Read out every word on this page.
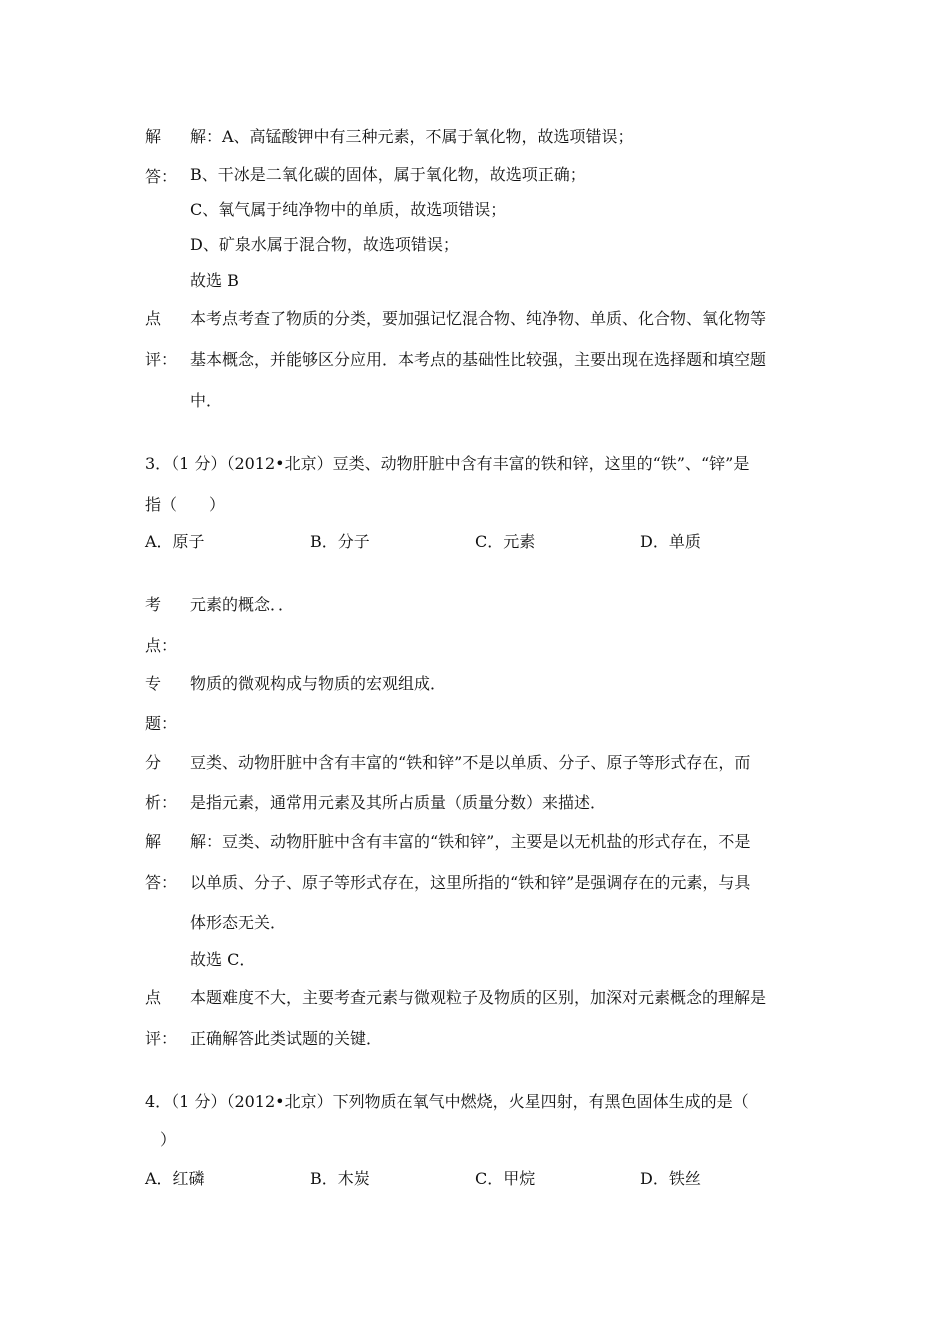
解
答：
解：A、高锰酸钾中有三种元素，不属于氧化物，故选项错误；
B、干冰是二氧化碳的固体，属于氧化物，故选项正确；
C、氧气属于纯净物中的单质，故选项错误；
D、矿泉水属于混合物，故选项错误；
故选 B
点
评：
本考点考查了物质的分类，要加强记忆混合物、纯净物、单质、化合物、氧化物等
基本概念，并能够区分应用．本考点的基础性比较强，主要出现在选择题和填空题
中．
3．（1 分）（2012•北京）豆类、动物肝脏中含有丰富的铁和锌，这里的“铁”、“锌”是
指（　　）
A．原子	B．分子	C．元素	D．单质
考
点：
元素的概念．．
专
题：
物质的微观构成与物质的宏观组成．
分
析：
豆类、动物肝脏中含有丰富的“铁和锌”不是以单质、分子、原子等形式存在，而
是指元素，通常用元素及其所占质量（质量分数）来描述．
解
答：
解：豆类、动物肝脏中含有丰富的“铁和锌”，主要是以无机盐的形式存在，不是
以单质、分子、原子等形式存在，这里所指的“铁和锌”是强调存在的元素，与具
体形态无关．
故选 C．
点
评：
本题难度不大，主要考查元素与微观粒子及物质的区别，加深对元素概念的理解是
正确解答此类试题的关键．
4．（1 分）（2012•北京）下列物质在氧气中燃烧，火星四射，有黑色固体生成的是（
）
A．红磷	B．木炭	C．甲烷	D．铁丝
